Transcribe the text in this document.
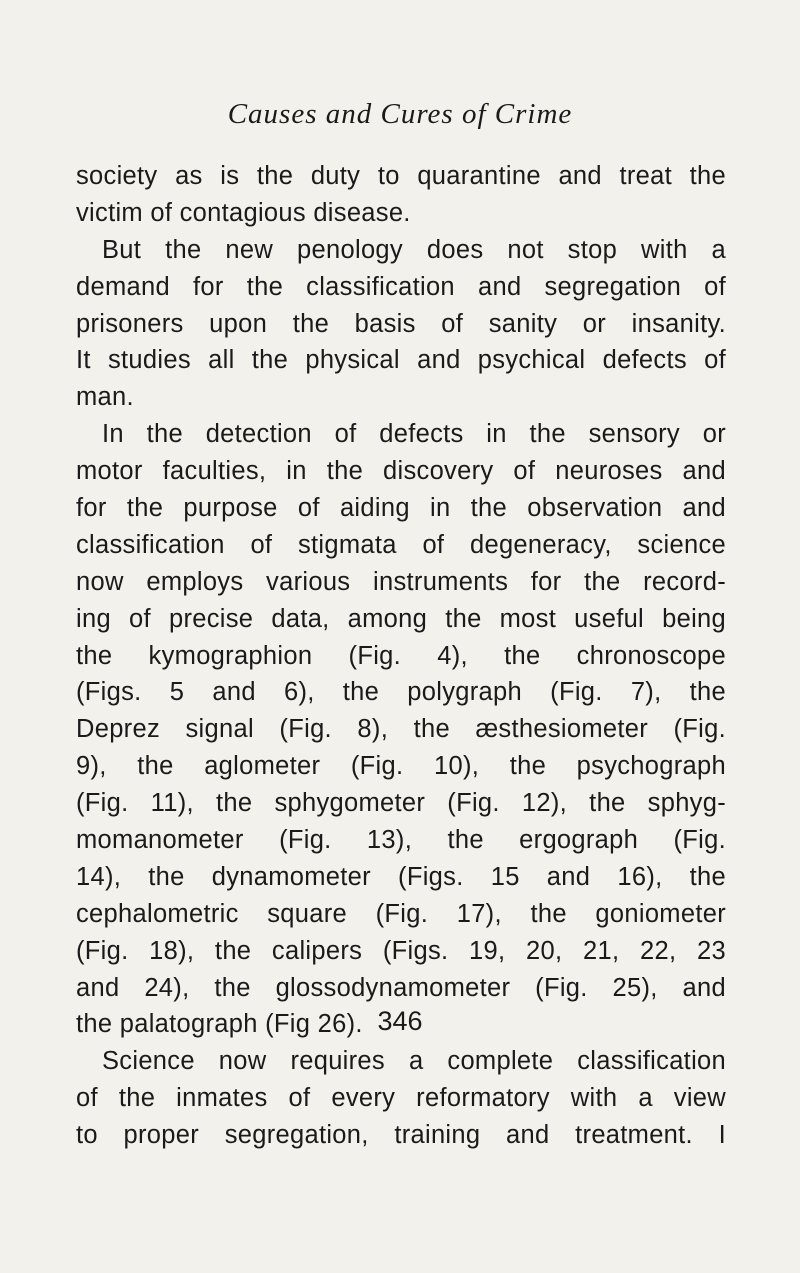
Causes and Cures of Crime
society as is the duty to quarantine and treat the
victim of contagious disease.
But the new penology does not stop with a
demand for the classification and segregation of
prisoners upon the basis of sanity or insanity.
It studies all the physical and psychical defects of
man.
In the detection of defects in the sensory or
motor faculties, in the discovery of neuroses and
for the purpose of aiding in the observation and
classification of stigmata of degeneracy, science
now employs various instruments for the record-
ing of precise data, among the most useful being
the kymographion (Fig. 4), the chronoscope
(Figs. 5 and 6), the polygraph (Fig. 7), the
Deprez signal (Fig. 8), the æsthesiometer (Fig.
9), the aglometer (Fig. 10), the psychograph
(Fig. 11), the sphygometer (Fig. 12), the sphyg-
momanometer (Fig. 13), the ergograph (Fig.
14), the dynamometer (Figs. 15 and 16), the
cephalometric square (Fig. 17), the goniometer
(Fig. 18), the calipers (Figs. 19, 20, 21, 22, 23
and 24), the glossodynamometer (Fig. 25), and
the palatograph (Fig 26).
Science now requires a complete classification
of the inmates of every reformatory with a view
to proper segregation, training and treatment. I
346
